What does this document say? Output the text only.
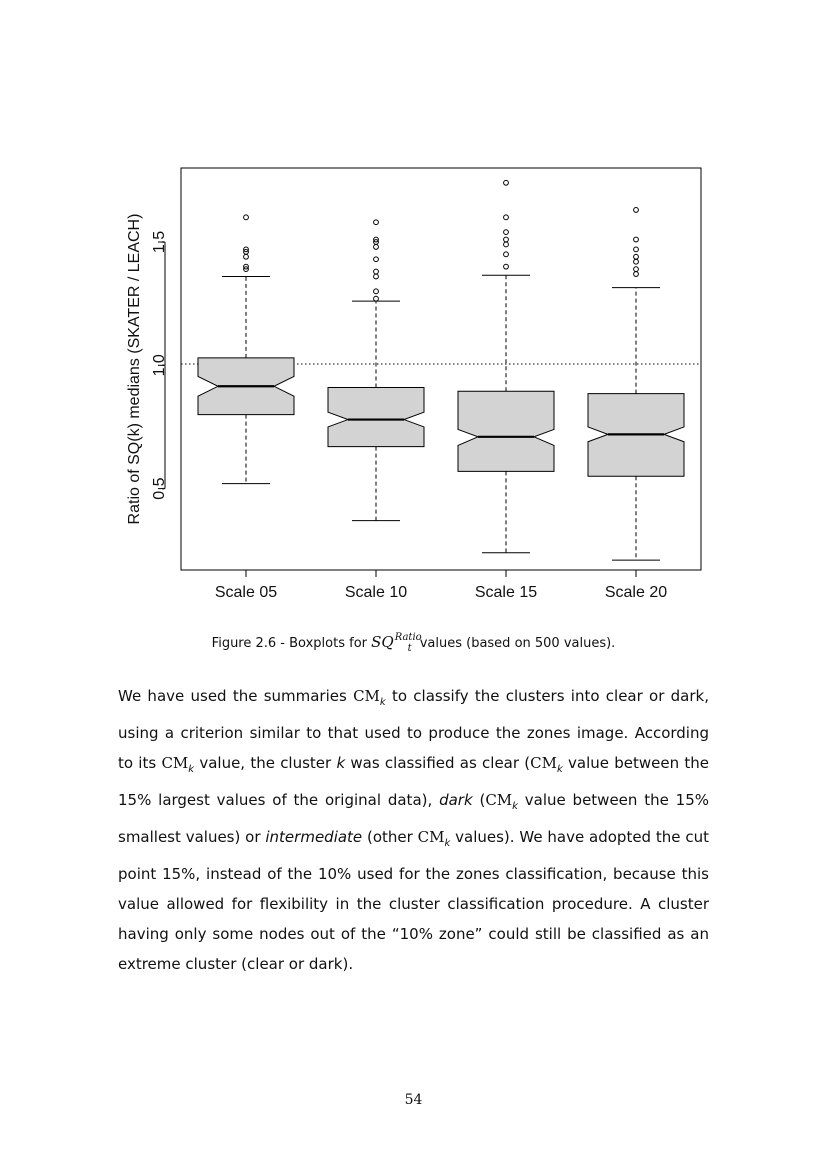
0.5
1.0
1.5
Scale 05	Scale 10	Scale 15	Scale 20
Ratio of SQ(k) medians (SKATER / LEACH)
Figure 2.6 - Boxplots for $SQ^{Ratio}_t$ values (based on 500 values).
We have used the summaries $CM_k$ to classify the clusters into clear or dark, using a criterion similar to that used to produce the zones image. According to its $CM_k$ value, the cluster k was classified as clear ($CM_k$ value between the 15% largest values of the original data), dark ($CM_k$ value between the 15% smallest values) or intermediate (other $CM_k$ values). We have adopted the cut point 15%, instead of the 10% used for the zones classification, because this value allowed for flexibility in the cluster classification procedure. A cluster having only some nodes out of the “10% zone” could still be classified as an extreme cluster (clear or dark).
54
